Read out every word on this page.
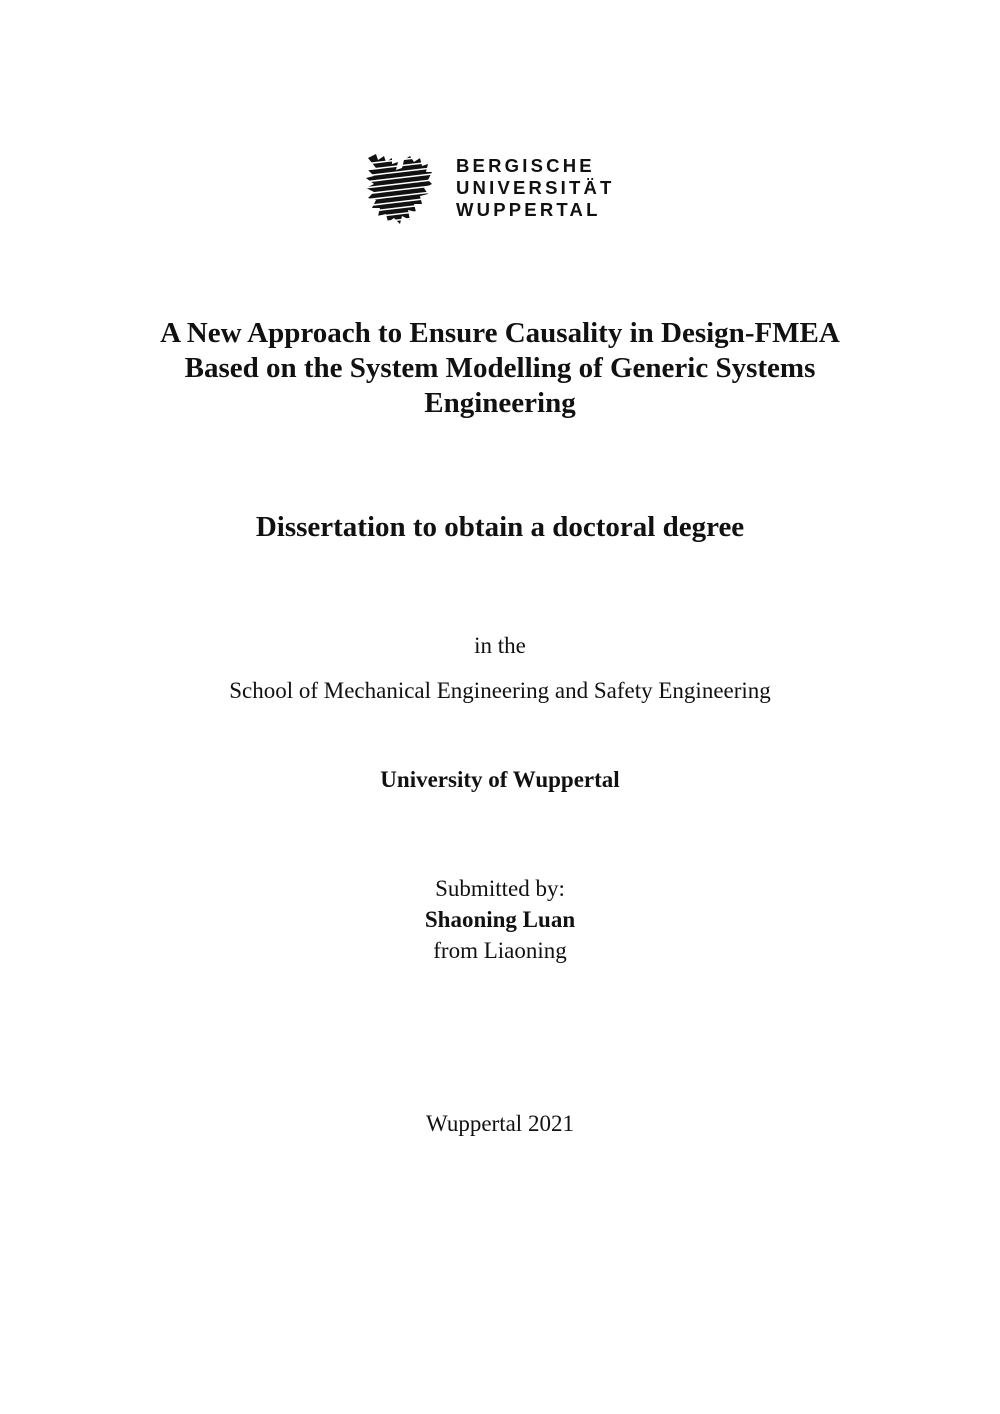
BERGISCHE
UNIVERSITÄT
WUPPERTAL
A New Approach to Ensure Causality in Design-FMEA
Based on the System Modelling of Generic Systems
Engineering
Dissertation to obtain a doctoral degree
in the
School of Mechanical Engineering and Safety Engineering
University of Wuppertal
Submitted by:
Shaoning Luan
from Liaoning
Wuppertal 2021
